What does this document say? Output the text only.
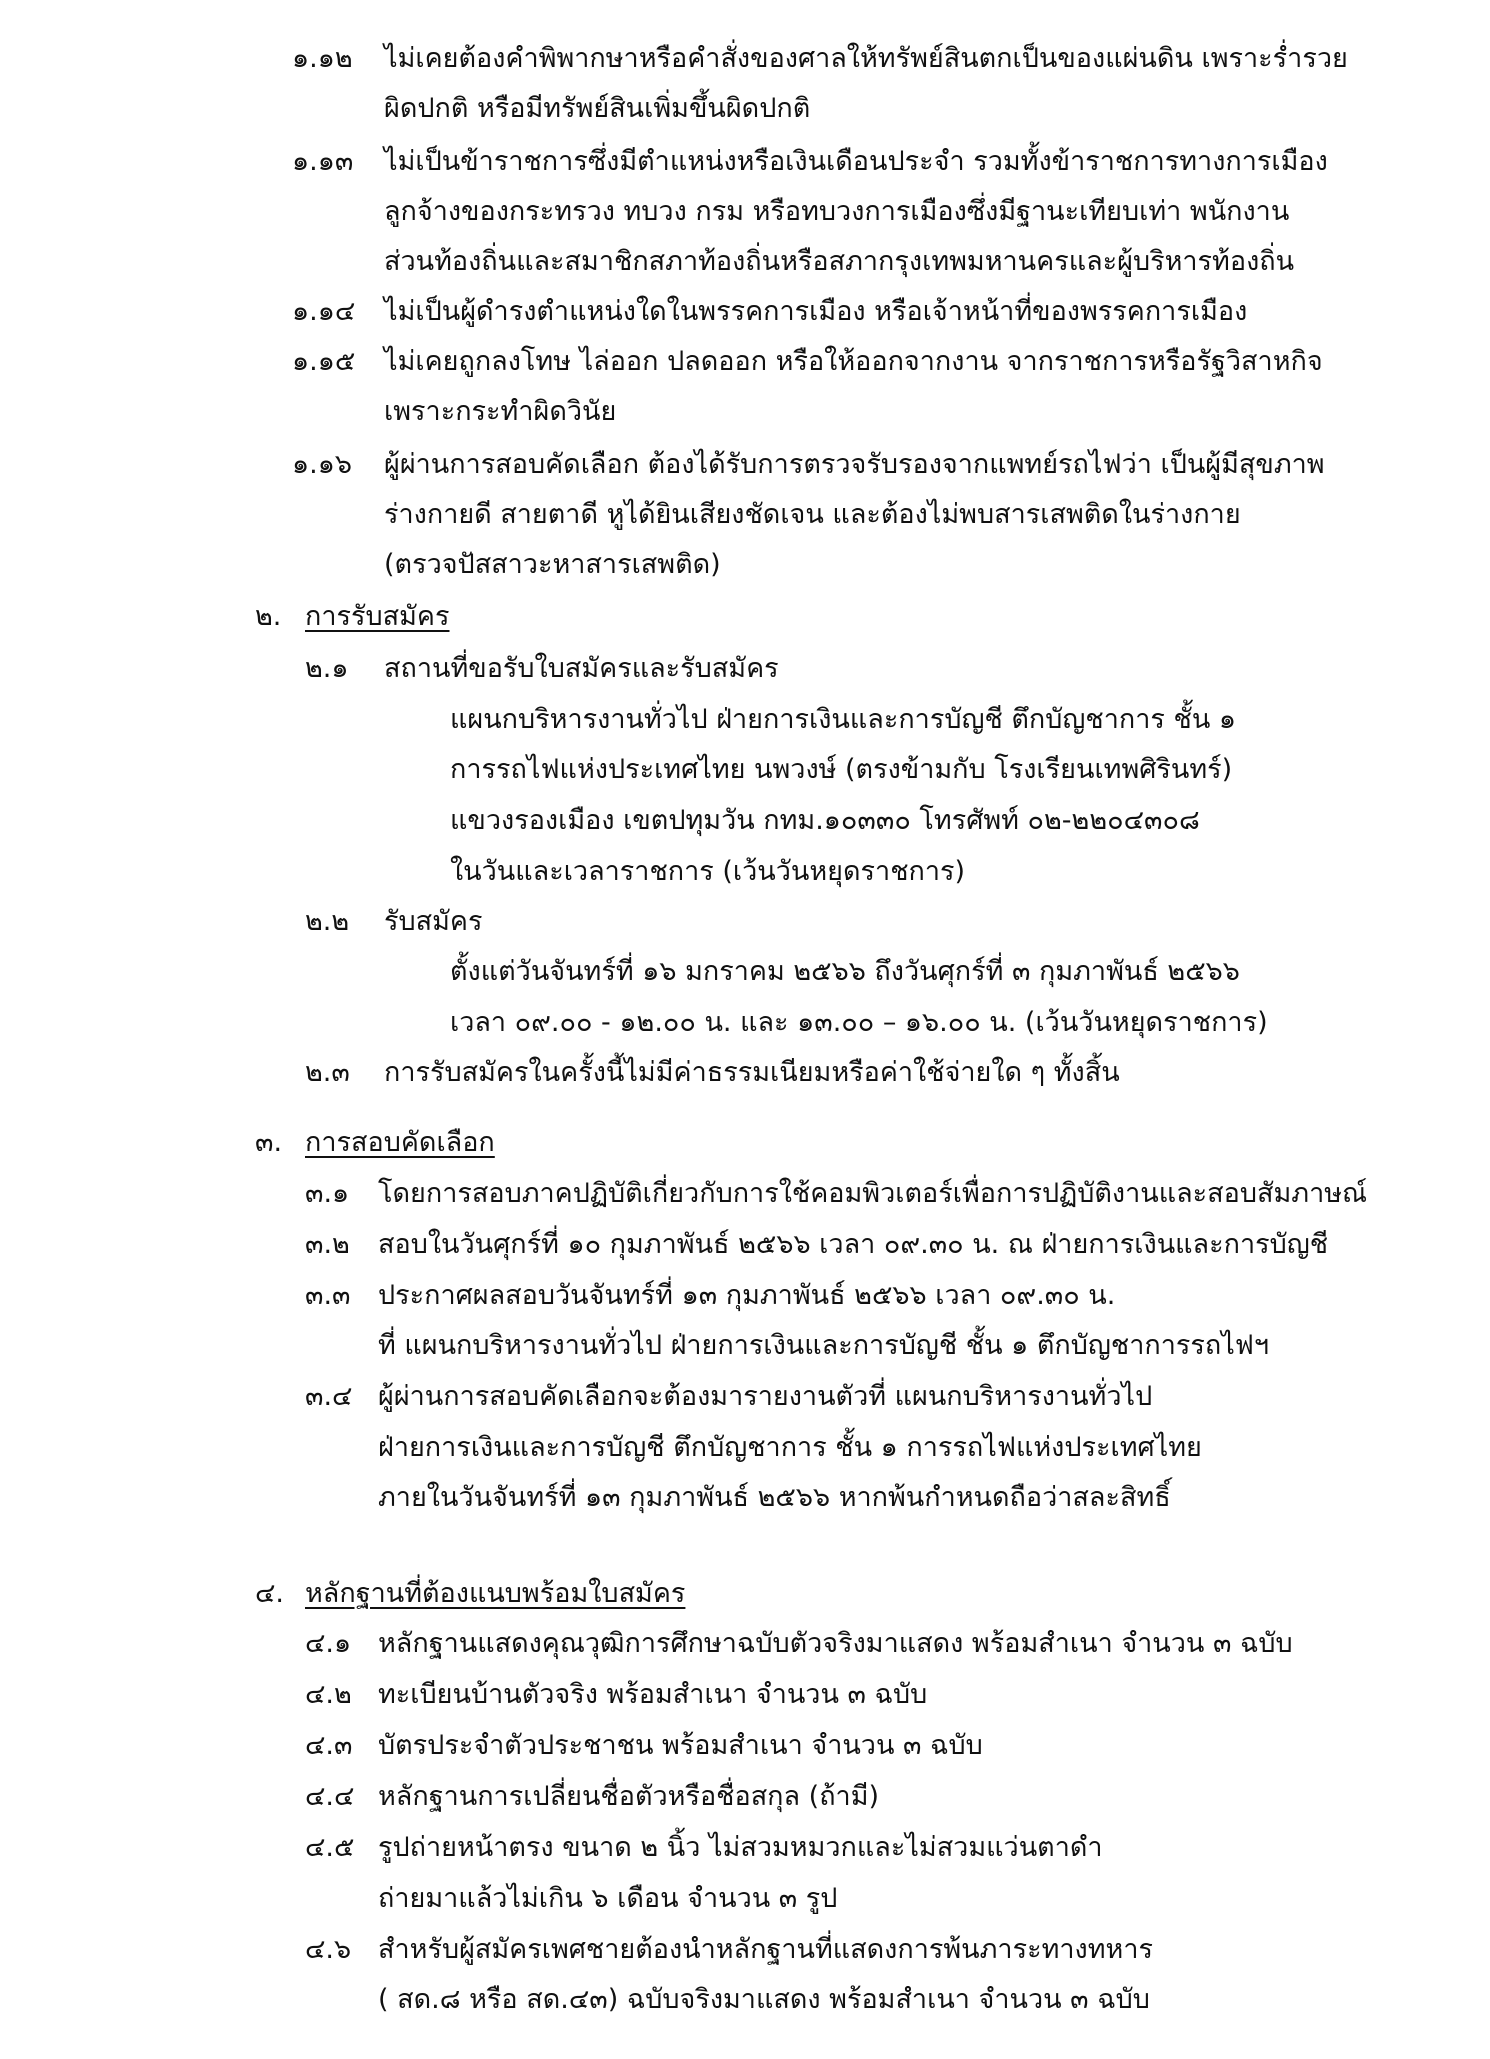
๑.๑๒ ไม่เคยต้องคำพิพากษาหรือคำสั่งของศาลให้ทรัพย์สินตกเป็นของแผ่นดิน เพราะร่ำรวย
ผิดปกติ หรือมีทรัพย์สินเพิ่มขึ้นผิดปกติ
๑.๑๓ ไม่เป็นข้าราชการซึ่งมีตำแหน่งหรือเงินเดือนประจำ รวมทั้งข้าราชการทางการเมือง
ลูกจ้างของกระทรวง ทบวง กรม หรือทบวงการเมืองซึ่งมีฐานะเทียบเท่า พนักงาน
ส่วนท้องถิ่นและสมาชิกสภาท้องถิ่นหรือสภากรุงเทพมหานครและผู้บริหารท้องถิ่น
๑.๑๔ ไม่เป็นผู้ดำรงตำแหน่งใดในพรรคการเมือง หรือเจ้าหน้าที่ของพรรคการเมือง
๑.๑๕ ไม่เคยถูกลงโทษ ไล่ออก ปลดออก หรือให้ออกจากงาน จากราชการหรือรัฐวิสาหกิจ
เพราะกระทำผิดวินัย
๑.๑๖ ผู้ผ่านการสอบคัดเลือก ต้องได้รับการตรวจรับรองจากแพทย์รถไฟว่า เป็นผู้มีสุขภาพ
ร่างกายดี สายตาดี หูได้ยินเสียงชัดเจน และต้องไม่พบสารเสพติดในร่างกาย
(ตรวจปัสสาวะหาสารเสพติด)
๒. การรับสมัคร
๒.๑ สถานที่ขอรับใบสมัครและรับสมัคร
แผนกบริหารงานทั่วไป ฝ่ายการเงินและการบัญชี ตึกบัญชาการ ชั้น ๑
การรถไฟแห่งประเทศไทย นพวงษ์ (ตรงข้ามกับ โรงเรียนเทพศิรินทร์)
แขวงรองเมือง เขตปทุมวัน กทม.๑๐๓๓๐ โทรศัพท์ ๐๒-๒๒๐๔๓๐๘
ในวันและเวลาราชการ (เว้นวันหยุดราชการ)
๒.๒ รับสมัคร
ตั้งแต่วันจันทร์ที่ ๑๖ มกราคม ๒๕๖๖ ถึงวันศุกร์ที่ ๓ กุมภาพันธ์ ๒๕๖๖
เวลา ๐๙.๐๐ - ๑๒.๐๐ น. และ ๑๓.๐๐ – ๑๖.๐๐ น. (เว้นวันหยุดราชการ)
๒.๓ การรับสมัครในครั้งนี้ไม่มีค่าธรรมเนียมหรือค่าใช้จ่ายใด ๆ ทั้งสิ้น
๓. การสอบคัดเลือก
๓.๑ โดยการสอบภาคปฏิบัติเกี่ยวกับการใช้คอมพิวเตอร์เพื่อการปฏิบัติงานและสอบสัมภาษณ์
๓.๒ สอบในวันศุกร์ที่ ๑๐ กุมภาพันธ์ ๒๕๖๖ เวลา ๐๙.๓๐ น. ณ ฝ่ายการเงินและการบัญชี
๓.๓ ประกาศผลสอบวันจันทร์ที่ ๑๓ กุมภาพันธ์ ๒๕๖๖ เวลา ๐๙.๓๐ น.
ที่ แผนกบริหารงานทั่วไป ฝ่ายการเงินและการบัญชี ชั้น ๑ ตึกบัญชาการรถไฟฯ
๓.๔ ผู้ผ่านการสอบคัดเลือกจะต้องมารายงานตัวที่ แผนกบริหารงานทั่วไป
ฝ่ายการเงินและการบัญชี ตึกบัญชาการ ชั้น ๑ การรถไฟแห่งประเทศไทย
ภายในวันจันทร์ที่ ๑๓ กุมภาพันธ์ ๒๕๖๖ หากพ้นกำหนดถือว่าสละสิทธิ์
๔. หลักฐานที่ต้องแนบพร้อมใบสมัคร
๔.๑ หลักฐานแสดงคุณวุฒิการศึกษาฉบับตัวจริงมาแสดง พร้อมสำเนา จำนวน ๓ ฉบับ
๔.๒ ทะเบียนบ้านตัวจริง พร้อมสำเนา จำนวน ๓ ฉบับ
๔.๓ บัตรประจำตัวประชาชน พร้อมสำเนา จำนวน ๓ ฉบับ
๔.๔ หลักฐานการเปลี่ยนชื่อตัวหรือชื่อสกุล (ถ้ามี)
๔.๕ รูปถ่ายหน้าตรง ขนาด ๒ นิ้ว ไม่สวมหมวกและไม่สวมแว่นตาดำ
ถ่ายมาแล้วไม่เกิน ๖ เดือน จำนวน ๓ รูป
๔.๖ สำหรับผู้สมัครเพศชายต้องนำหลักฐานที่แสดงการพ้นภาระทางทหาร
( สด.๘ หรือ สด.๔๓) ฉบับจริงมาแสดง พร้อมสำเนา จำนวน ๓ ฉบับ
